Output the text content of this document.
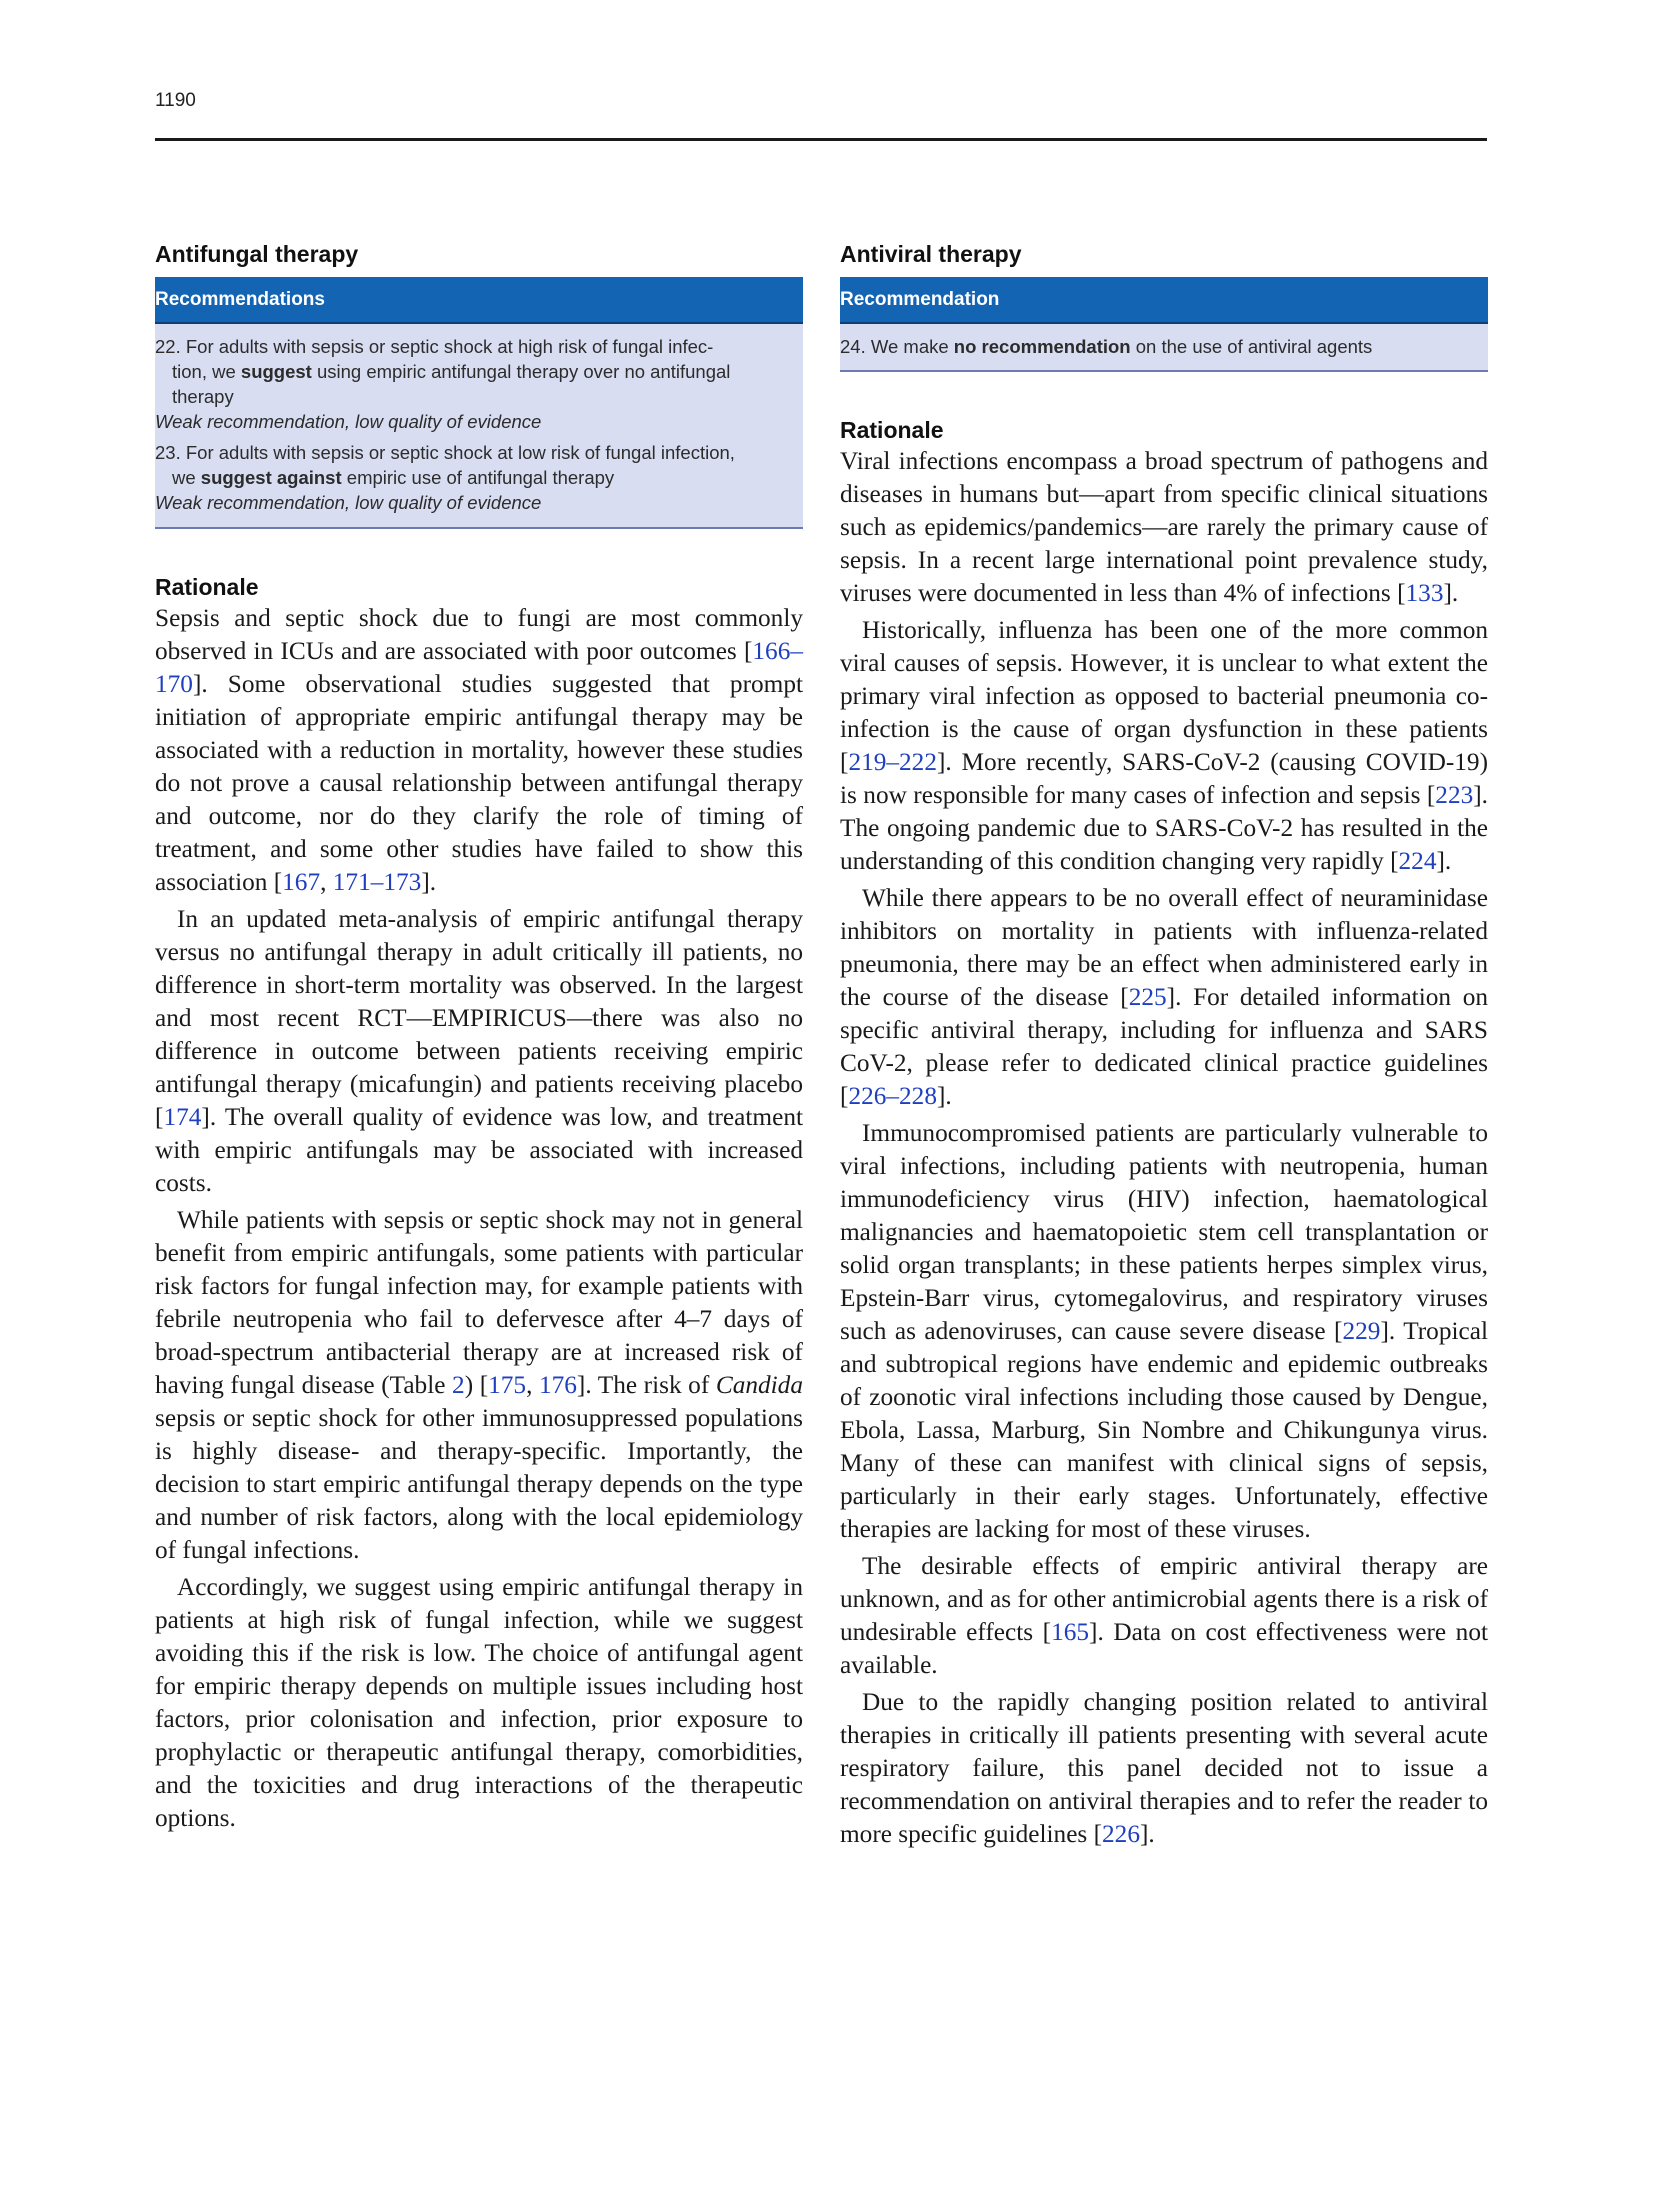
1190
Antifungal therapy
Recommendations

22. For adults with sepsis or septic shock at high risk of fungal infec-
tion, we suggest using empiric antifungal therapy over no antifungal
therapy

Weak recommendation, low quality of evidence

23. For adults with sepsis or septic shock at low risk of fungal infection,
we suggest against empiric use of antifungal therapy

Weak recommendation, low quality of evidence

Rationale

Sepsis and septic shock due to fungi are most commonly observed in ICUs and are associated with poor outcomes [166–170]. Some observational studies suggested that prompt initiation of appropriate empiric antifungal therapy may be associated with a reduction in mortality, however these studies do not prove a causal relationship between antifungal therapy and outcome, nor do they clarify the role of timing of treatment, and some other studies have failed to show this association [167, 171–173].

In an updated meta-analysis of empiric antifungal therapy versus no antifungal therapy in adult critically ill patients, no difference in short-term mortality was observed. In the largest and most recent RCT—EMPIRICUS—there was also no difference in outcome between patients receiving empiric antifungal therapy (micafungin) and patients receiving placebo [174]. The overall quality of evidence was low, and treatment with empiric antifungals may be associated with increased costs.

While patients with sepsis or septic shock may not in general benefit from empiric antifungals, some patients with particular risk factors for fungal infection may, for example patients with febrile neutropenia who fail to defervesce after 4–7 days of broad-spectrum antibacterial therapy are at increased risk of having fungal disease (Table 2) [175, 176]. The risk of Candida sepsis or septic shock for other immunosuppressed populations is highly disease- and therapy-specific. Importantly, the decision to start empiric antifungal therapy depends on the type and number of risk factors, along with the local epidemiology of fungal infections.

Accordingly, we suggest using empiric antifungal therapy in patients at high risk of fungal infection, while we suggest avoiding this if the risk is low. The choice of antifungal agent for empiric therapy depends on multiple issues including host factors, prior colonisation and infection, prior exposure to prophylactic or therapeutic antifungal therapy, comorbidities, and the toxicities and drug interactions of the therapeutic options.

Antiviral therapy
Recommendation

24. We make no recommendation on the use of antiviral agents

Rationale

Viral infections encompass a broad spectrum of pathogens and diseases in humans but—apart from specific clinical situations such as epidemics/pandemics—are rarely the primary cause of sepsis. In a recent large international point prevalence study, viruses were documented in less than 4% of infections [133].

Historically, influenza has been one of the more common viral causes of sepsis. However, it is unclear to what extent the primary viral infection as opposed to bacterial pneumonia co-infection is the cause of organ dysfunction in these patients [219–222]. More recently, SARS-CoV-2 (causing COVID-19) is now responsible for many cases of infection and sepsis [223]. The ongoing pandemic due to SARS-CoV-2 has resulted in the understanding of this condition changing very rapidly [224].

While there appears to be no overall effect of neuraminidase inhibitors on mortality in patients with influenza-related pneumonia, there may be an effect when administered early in the course of the disease [225]. For detailed information on specific antiviral therapy, including for influenza and SARS CoV-2, please refer to dedicated clinical practice guidelines [226–228].

Immunocompromised patients are particularly vulnerable to viral infections, including patients with neutropenia, human immunodeficiency virus (HIV) infection, haematological malignancies and haematopoietic stem cell transplantation or solid organ transplants; in these patients herpes simplex virus, Epstein-Barr virus, cytomegalovirus, and respiratory viruses such as adenoviruses, can cause severe disease [229]. Tropical and subtropical regions have endemic and epidemic outbreaks of zoonotic viral infections including those caused by Dengue, Ebola, Lassa, Marburg, Sin Nombre and Chikungunya virus. Many of these can manifest with clinical signs of sepsis, particularly in their early stages. Unfortunately, effective therapies are lacking for most of these viruses.

The desirable effects of empiric antiviral therapy are unknown, and as for other antimicrobial agents there is a risk of undesirable effects [165]. Data on cost effectiveness were not available.

Due to the rapidly changing position related to antiviral therapies in critically ill patients presenting with several acute respiratory failure, this panel decided not to issue a recommendation on antiviral therapies and to refer the reader to more specific guidelines [226].
